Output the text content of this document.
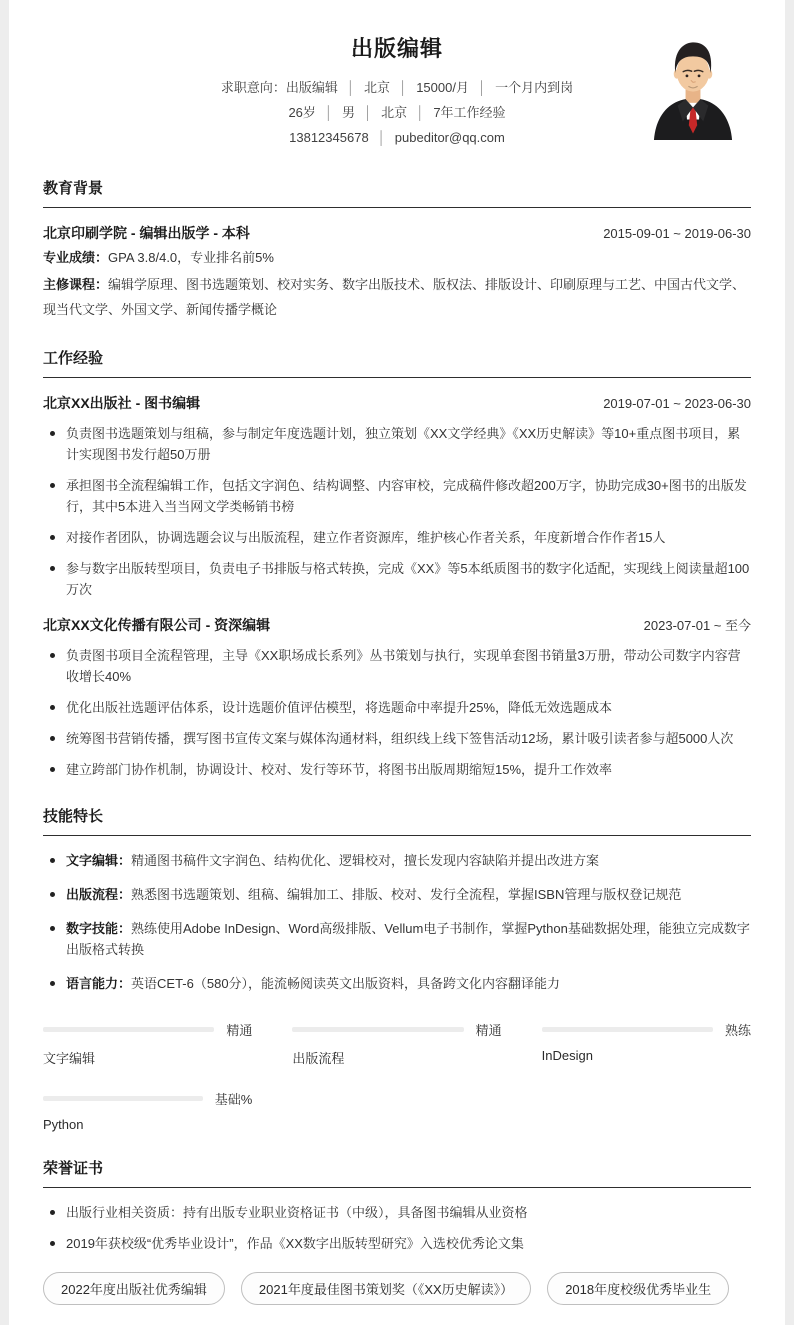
出版编辑
求职意向：出版编辑 │ 北京 │ 15000/月 │ 一个月内到岗
26岁 │ 男 │ 北京 │ 7年工作经验
13812345678 │ pubeditor@qq.com
教育背景
北京印刷学院 - 编辑出版学 - 本科	2015-09-01 ~ 2019-06-30
专业成绩：GPA 3.8/4.0，专业排名前5%
主修课程：编辑学原理、图书选题策划、校对实务、数字出版技术、版权法、排版设计、印刷原理与工艺、中国古代文学、现当代文学、外国文学、新闻传播学概论
工作经验
北京XX出版社 - 图书编辑	2019-07-01 ~ 2023-06-30
负责图书选题策划与组稿，参与制定年度选题计划，独立策划《XX文学经典》《XX历史解读》等10+重点图书项目，累计实现图书发行超50万册
承担图书全流程编辑工作，包括文字润色、结构调整、内容审校，完成稿件修改超200万字，协助完成30+图书的出版发行，其中5本进入当当网文学类畅销书榜
对接作者团队，协调选题会议与出版流程，建立作者资源库，维护核心作者关系，年度新增合作作者15人
参与数字出版转型项目，负责电子书排版与格式转换，完成《XX》等5本纸质图书的数字化适配，实现线上阅读量超100万次
北京XX文化传播有限公司 - 资深编辑	2023-07-01 ~ 至今
负责图书项目全流程管理，主导《XX职场成长系列》丛书策划与执行，实现单套图书销量3万册，带动公司数字内容营收增长40%
优化出版社选题评估体系，设计选题价值评估模型，将选题命中率提升25%，降低无效选题成本
统筹图书营销传播，撰写图书宣传文案与媒体沟通材料，组织线上线下签售活动12场，累计吸引读者参与超5000人次
建立跨部门协作机制，协调设计、校对、发行等环节，将图书出版周期缩短15%，提升工作效率
技能特长
文字编辑：精通图书稿件文字润色、结构优化、逻辑校对，擅长发现内容缺陷并提出改进方案
出版流程：熟悉图书选题策划、组稿、编辑加工、排版、校对、发行全流程，掌握ISBN管理与版权登记规范
数字技能：熟练使用Adobe InDesign、Word高级排版、Vellum电子书制作，掌握Python基础数据处理，能独立完成数字出版格式转换
语言能力：英语CET-6（580分），能流畅阅读英文出版资料，具备跨文化内容翻译能力
精通
文字编辑
精通
出版流程
熟练
InDesign
基础%
Python
荣誉证书
出版行业相关资质：持有出版专业职业资格证书（中级），具备图书编辑从业资格
2019年获校级“优秀毕业设计”，作品《XX数字出版转型研究》入选校优秀论文集
2022年度出版社优秀编辑	2021年度最佳图书策划奖（《XX历史解读》）	2018年度校级优秀毕业生
